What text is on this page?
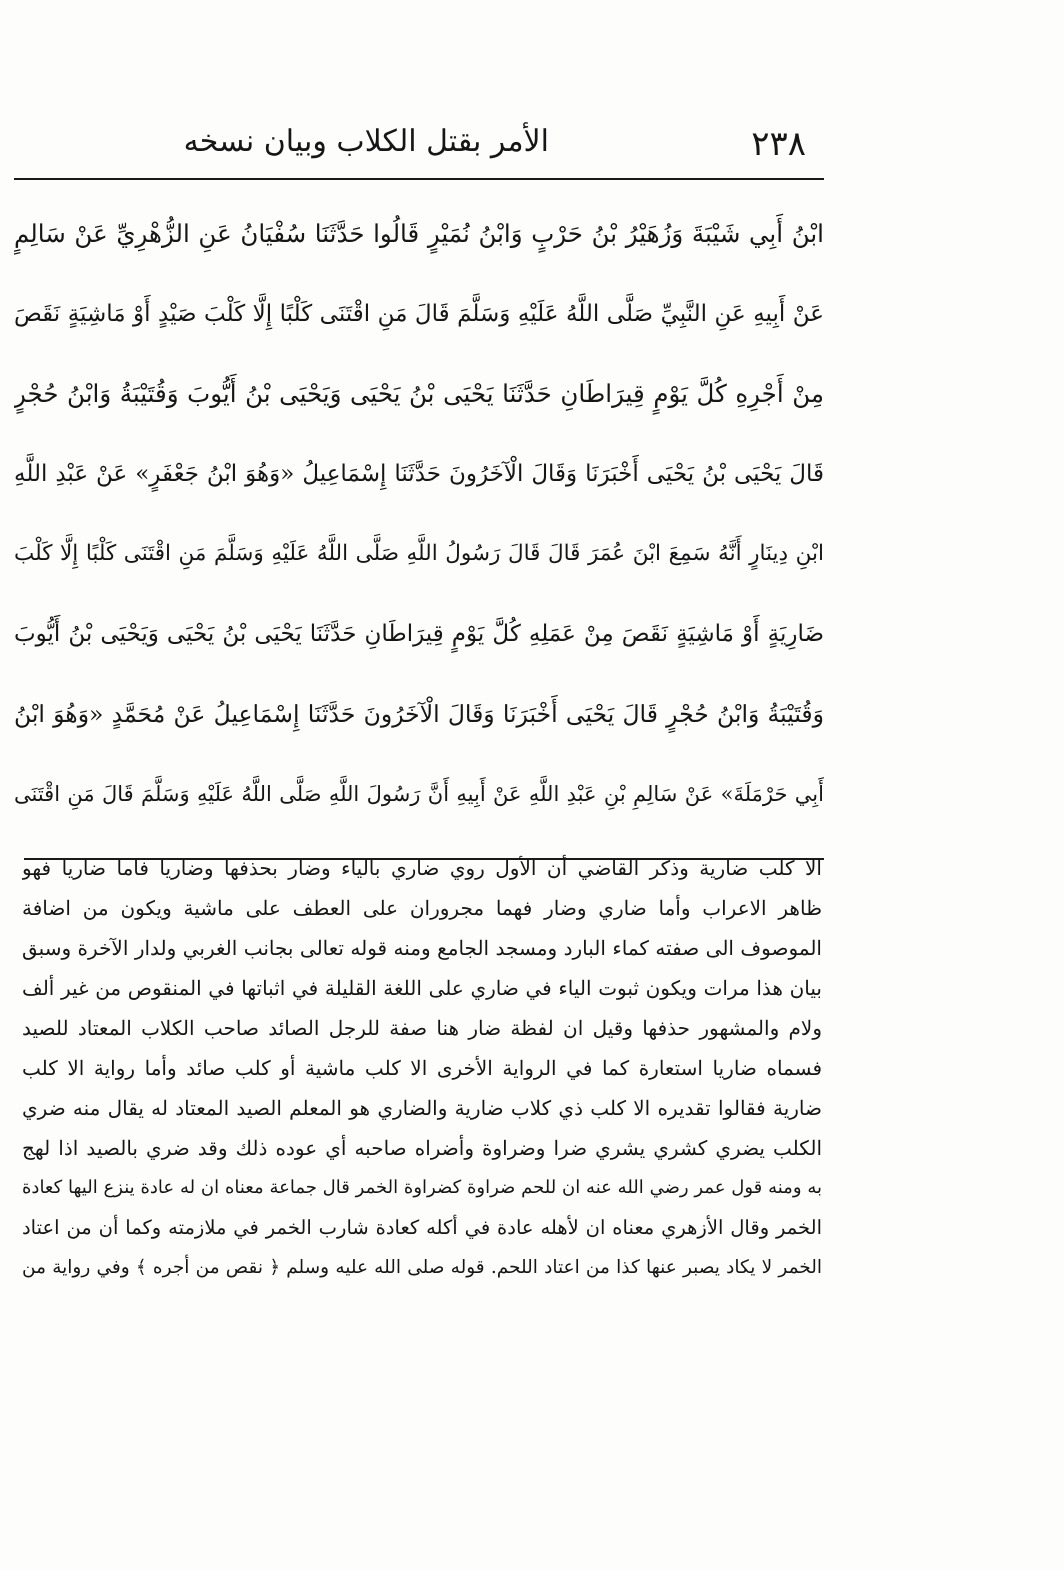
٢٣٨
الأمر بقتل الكلاب وبيان نسخه
ابْنُ أَبِي شَيْبَةَ وَزُهَيْرُ بْنُ حَرْبٍ وَابْنُ نُمَيْرٍ قَالُوا حَدَّثَنَا سُفْيَانُ عَنِ الزُّهْرِيِّ عَنْ سَالِمٍ
عَنْ أَبِيهِ عَنِ النَّبِيِّ صَلَّى اللَّهُ عَلَيْهِ وَسَلَّمَ قَالَ مَنِ اقْتَنَى كَلْبًا إِلَّا كَلْبَ صَيْدٍ أَوْ مَاشِيَةٍ نَقَصَ
مِنْ أَجْرِهِ كُلَّ يَوْمٍ قِيرَاطَانِ حَدَّثَنَا يَحْيَى بْنُ يَحْيَى وَيَحْيَى بْنُ أَيُّوبَ وَقُتَيْبَةُ وَابْنُ حُجْرٍ
قَالَ يَحْيَى بْنُ يَحْيَى أَخْبَرَنَا وَقَالَ الْآخَرُونَ حَدَّثَنَا إِسْمَاعِيلُ «وَهُوَ ابْنُ جَعْفَرٍ» عَنْ عَبْدِ اللَّهِ
ابْنِ دِينَارٍ أَنَّهُ سَمِعَ ابْنَ عُمَرَ قَالَ قَالَ رَسُولُ اللَّهِ صَلَّى اللَّهُ عَلَيْهِ وَسَلَّمَ مَنِ اقْتَنَى كَلْبًا إِلَّا كَلْبَ
ضَارِيَةٍ أَوْ مَاشِيَةٍ نَقَصَ مِنْ عَمَلِهِ كُلَّ يَوْمٍ قِيرَاطَانِ حَدَّثَنَا يَحْيَى بْنُ يَحْيَى وَيَحْيَى بْنُ أَيُّوبَ
وَقُتَيْبَةُ وَابْنُ حُجْرٍ قَالَ يَحْيَى أَخْبَرَنَا وَقَالَ الْآخَرُونَ حَدَّثَنَا إِسْمَاعِيلُ عَنْ مُحَمَّدٍ «وَهُوَ ابْنُ
أَبِي حَرْمَلَةَ» عَنْ سَالِمِ بْنِ عَبْدِ اللَّهِ عَنْ أَبِيهِ أَنَّ رَسُولَ اللَّهِ صَلَّى اللَّهُ عَلَيْهِ وَسَلَّمَ قَالَ مَنِ اقْتَنَى
الا كلب ضارية وذكر القاضي أن الأول روي ضاري بالياء وضار بحذفها وضاريا فاما ضاريا فهو
ظاهر الاعراب وأما ضاري وضار فهما مجروران على العطف على ماشية ويكون من اضافة
الموصوف الى صفته كماء البارد ومسجد الجامع ومنه قوله تعالى بجانب الغربي ولدار الآخرة وسبق
بيان هذا مرات ويكون ثبوت الياء في ضاري على اللغة القليلة في اثباتها في المنقوص من غير ألف
ولام والمشهور حذفها وقيل ان لفظة ضار هنا صفة للرجل الصائد صاحب الكلاب المعتاد للصيد
فسماه ضاريا استعارة كما في الرواية الأخرى الا كلب ماشية أو كلب صائد وأما رواية الا كلب
ضارية فقالوا تقديره الا كلب ذي كلاب ضارية والضاري هو المعلم الصيد المعتاد له يقال منه ضري
الكلب يضري كشري يشري ضرا وضراوة وأضراه صاحبه أي عوده ذلك وقد ضري بالصيد اذا لهج
به ومنه قول عمر رضي الله عنه ان للحم ضراوة كضراوة الخمر قال جماعة معناه ان له عادة ينزع اليها كعادة
الخمر وقال الأزهري معناه ان لأهله عادة في أكله كعادة شارب الخمر في ملازمته وكما أن من اعتاد
الخمر لا يكاد يصبر عنها كذا من اعتاد اللحم. قوله صلى الله عليه وسلم ﴿ نقص من أجره ﴾ وفي رواية من
